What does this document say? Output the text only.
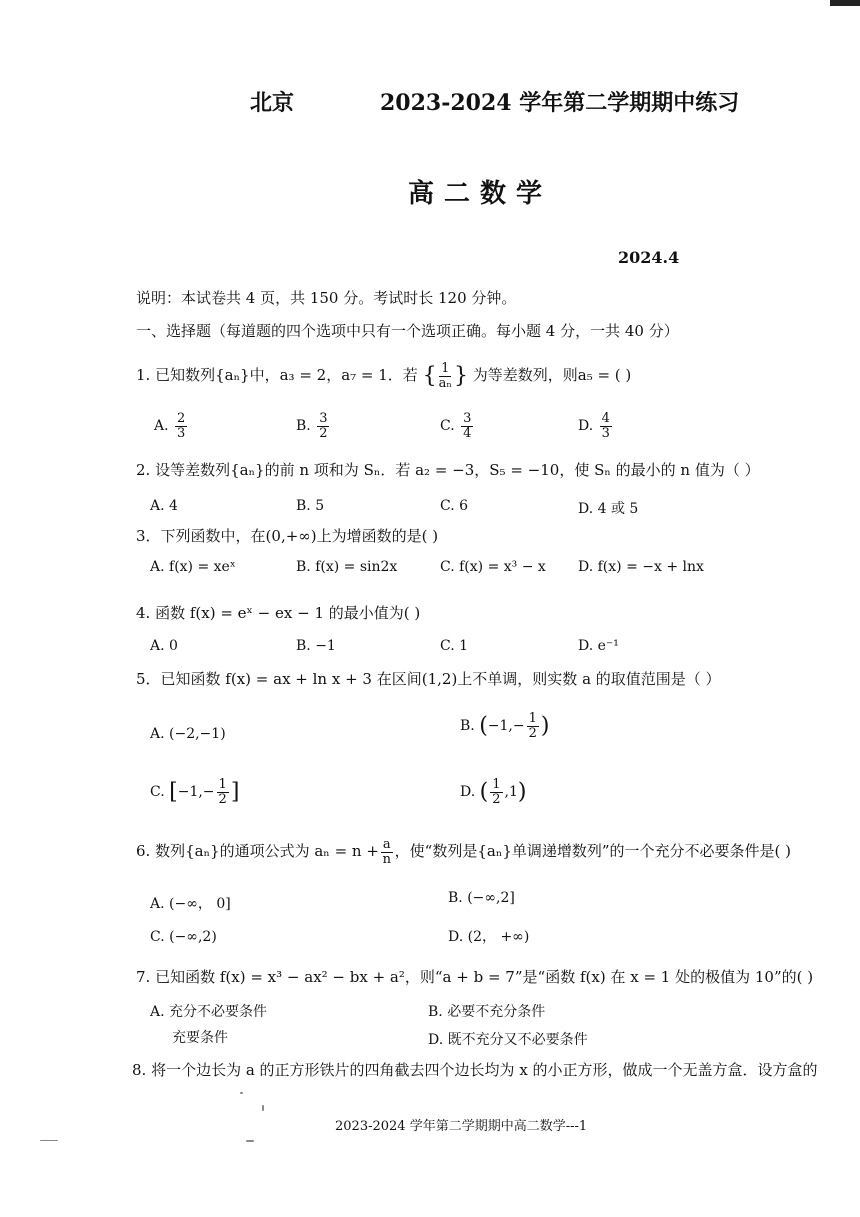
北京	2023-2024 学年第二学期期中练习
高二数学
2024.4
说明：本试卷共 4 页，共 150 分。考试时长 120 分钟。
一、选择题（每道题的四个选项中只有一个选项正确。每小题 4 分，一共 40 分）
1. 已知数列{aₙ}中，a₃ = 2，a₇ = 1．若 { $\frac{1}{\text{aₙ}}$ } 为等差数列，则a₅ = ( )
A. $\frac{2}{3}$	B. $\frac{3}{2}$	C. $\frac{3}{4}$	D. $\frac{4}{3}$
2. 设等差数列{aₙ}的前 n 项和为 Sₙ．若 a₂ = −3，S₅ = −10，使 Sₙ 的最小的 n 值为（ ）
A. 4	B. 5	C. 6	D. 4 或 5
3．下列函数中，在(0,+∞)上为增函数的是( )
A. f(x) = xeˣ	B. f(x) = sin2x	C. f(x) = x³ − x D. f(x) = −x + lnx
4. 函数 f(x) = eˣ − ex − 1 的最小值为( )
A. 0	B. −1	C. 1	D. e⁻¹
5．已知函数 f(x) = ax + ln x + 3 在区间(1,2)上不单调，则实数 a 的取值范围是（ ）
A. (−2,−1)	B. ($-1,- \frac{1}{2}$ )
C. [$-1,- \frac{1}{2}$ ]	D. ( $\frac{1}{2} ,1$)
6. 数列{aₙ}的通项公式为 $a_n = n + \frac{a}{n}$ ，使“数列是{aₙ}单调递增数列”的一个充分不必要条件是( )
A. (−∞， 0]	B. (−∞,2]
C. (−∞,2)	D. (2， +∞)
7. 已知函数 f(x) = x³ − ax² − bx + a²，则“a + b = 7”是“函数 f(x) 在 x = 1 处的极值为 10”的( )
A. 充分不必要条件	B. 必要不充分条件
充要条件	D. 既不充分又不必要条件
8. 将一个边长为 a 的正方形铁片的四角截去四个边长均为 x 的小正方形，做成一个无盖方盒．设方盒的
2023-2024 学年第二学期期中高二数学---1
